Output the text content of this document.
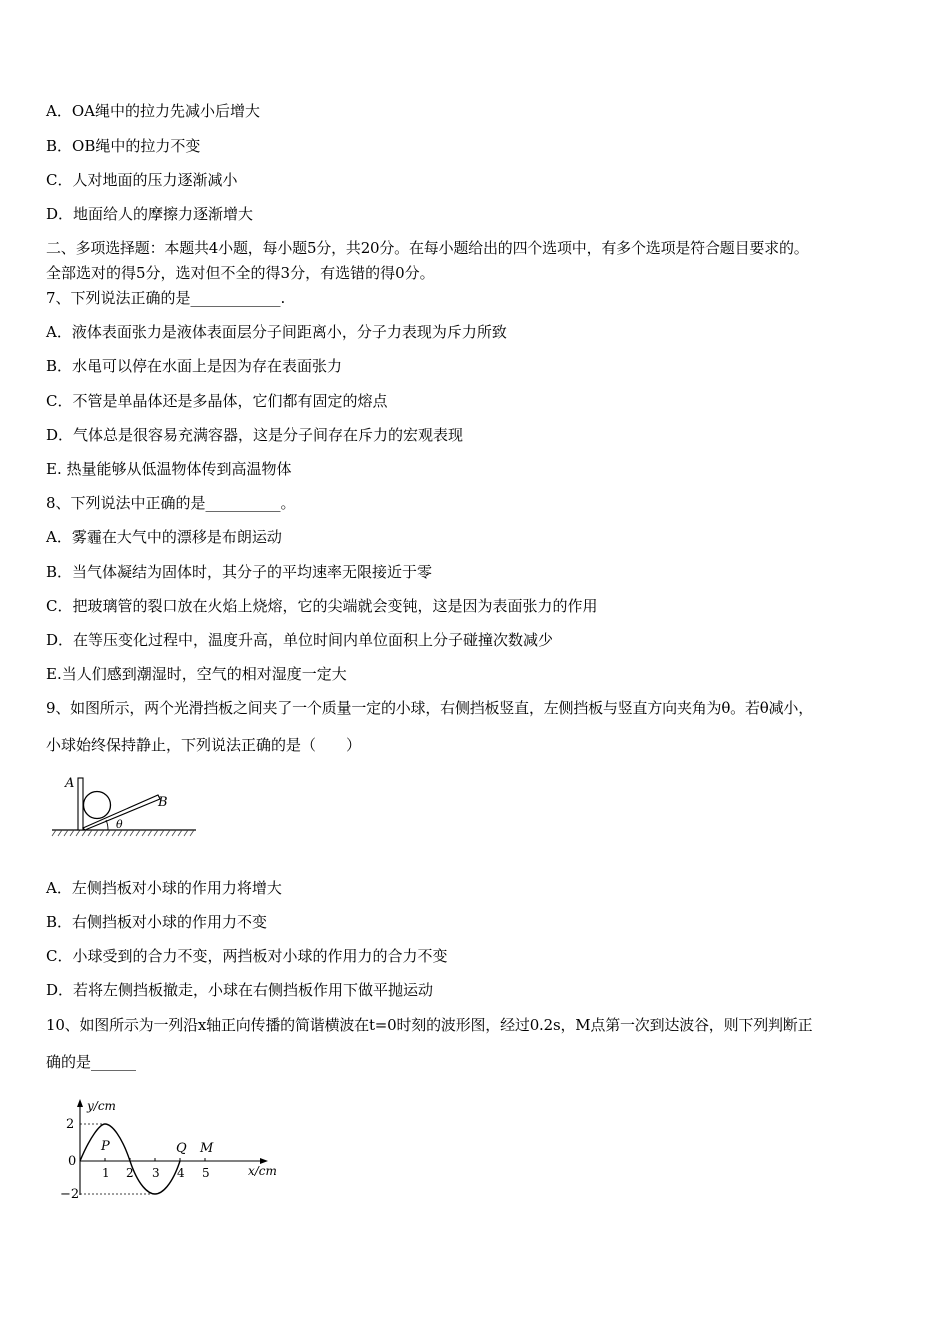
A．OA绳中的拉力先减小后增大
B．OB绳中的拉力不变
C．人对地面的压力逐渐减小
D．地面给人的摩擦力逐渐增大
二、多项选择题：本题共4小题，每小题5分，共20分。在每小题给出的四个选项中，有多个选项是符合题目要求的。
全部选对的得5分，选对但不全的得3分，有选错的得0分。
7、下列说法正确的是____________.
A．液体表面张力是液体表面层分子间距离小，分子力表现为斥力所致
B．水黾可以停在水面上是因为存在表面张力
C．不管是单晶体还是多晶体，它们都有固定的熔点
D．气体总是很容易充满容器，这是分子间存在斥力的宏观表现
E. 热量能够从低温物体传到高温物体
8、下列说法中正确的是__________。
A．雾霾在大气中的漂移是布朗运动
B．当气体凝结为固体时，其分子的平均速率无限接近于零
C．把玻璃管的裂口放在火焰上烧熔，它的尖端就会变钝，这是因为表面张力的作用
D．在等压变化过程中，温度升高，单位时间内单位面积上分子碰撞次数减少
E.当人们感到潮湿时，空气的相对湿度一定大
9、如图所示，两个光滑挡板之间夹了一个质量一定的小球，右侧挡板竖直，左侧挡板与竖直方向夹角为θ。若θ减小，
小球始终保持静止，下列说法正确的是（　　）
A
B
θ
A．左侧挡板对小球的作用力将增大
B．右侧挡板对小球的作用力不变
C．小球受到的合力不变，两挡板对小球的作用力的合力不变
D．若将左侧挡板撤走，小球在右侧挡板作用下做平抛运动
10、如图所示为一列沿x轴正向传播的简谐横波在t=0时刻的波形图，经过0.2s，M点第一次到达波谷，则下列判断正
确的是______
y/cm
x/cm
2
0
−2
1 2 3 4 5
P	Q M
